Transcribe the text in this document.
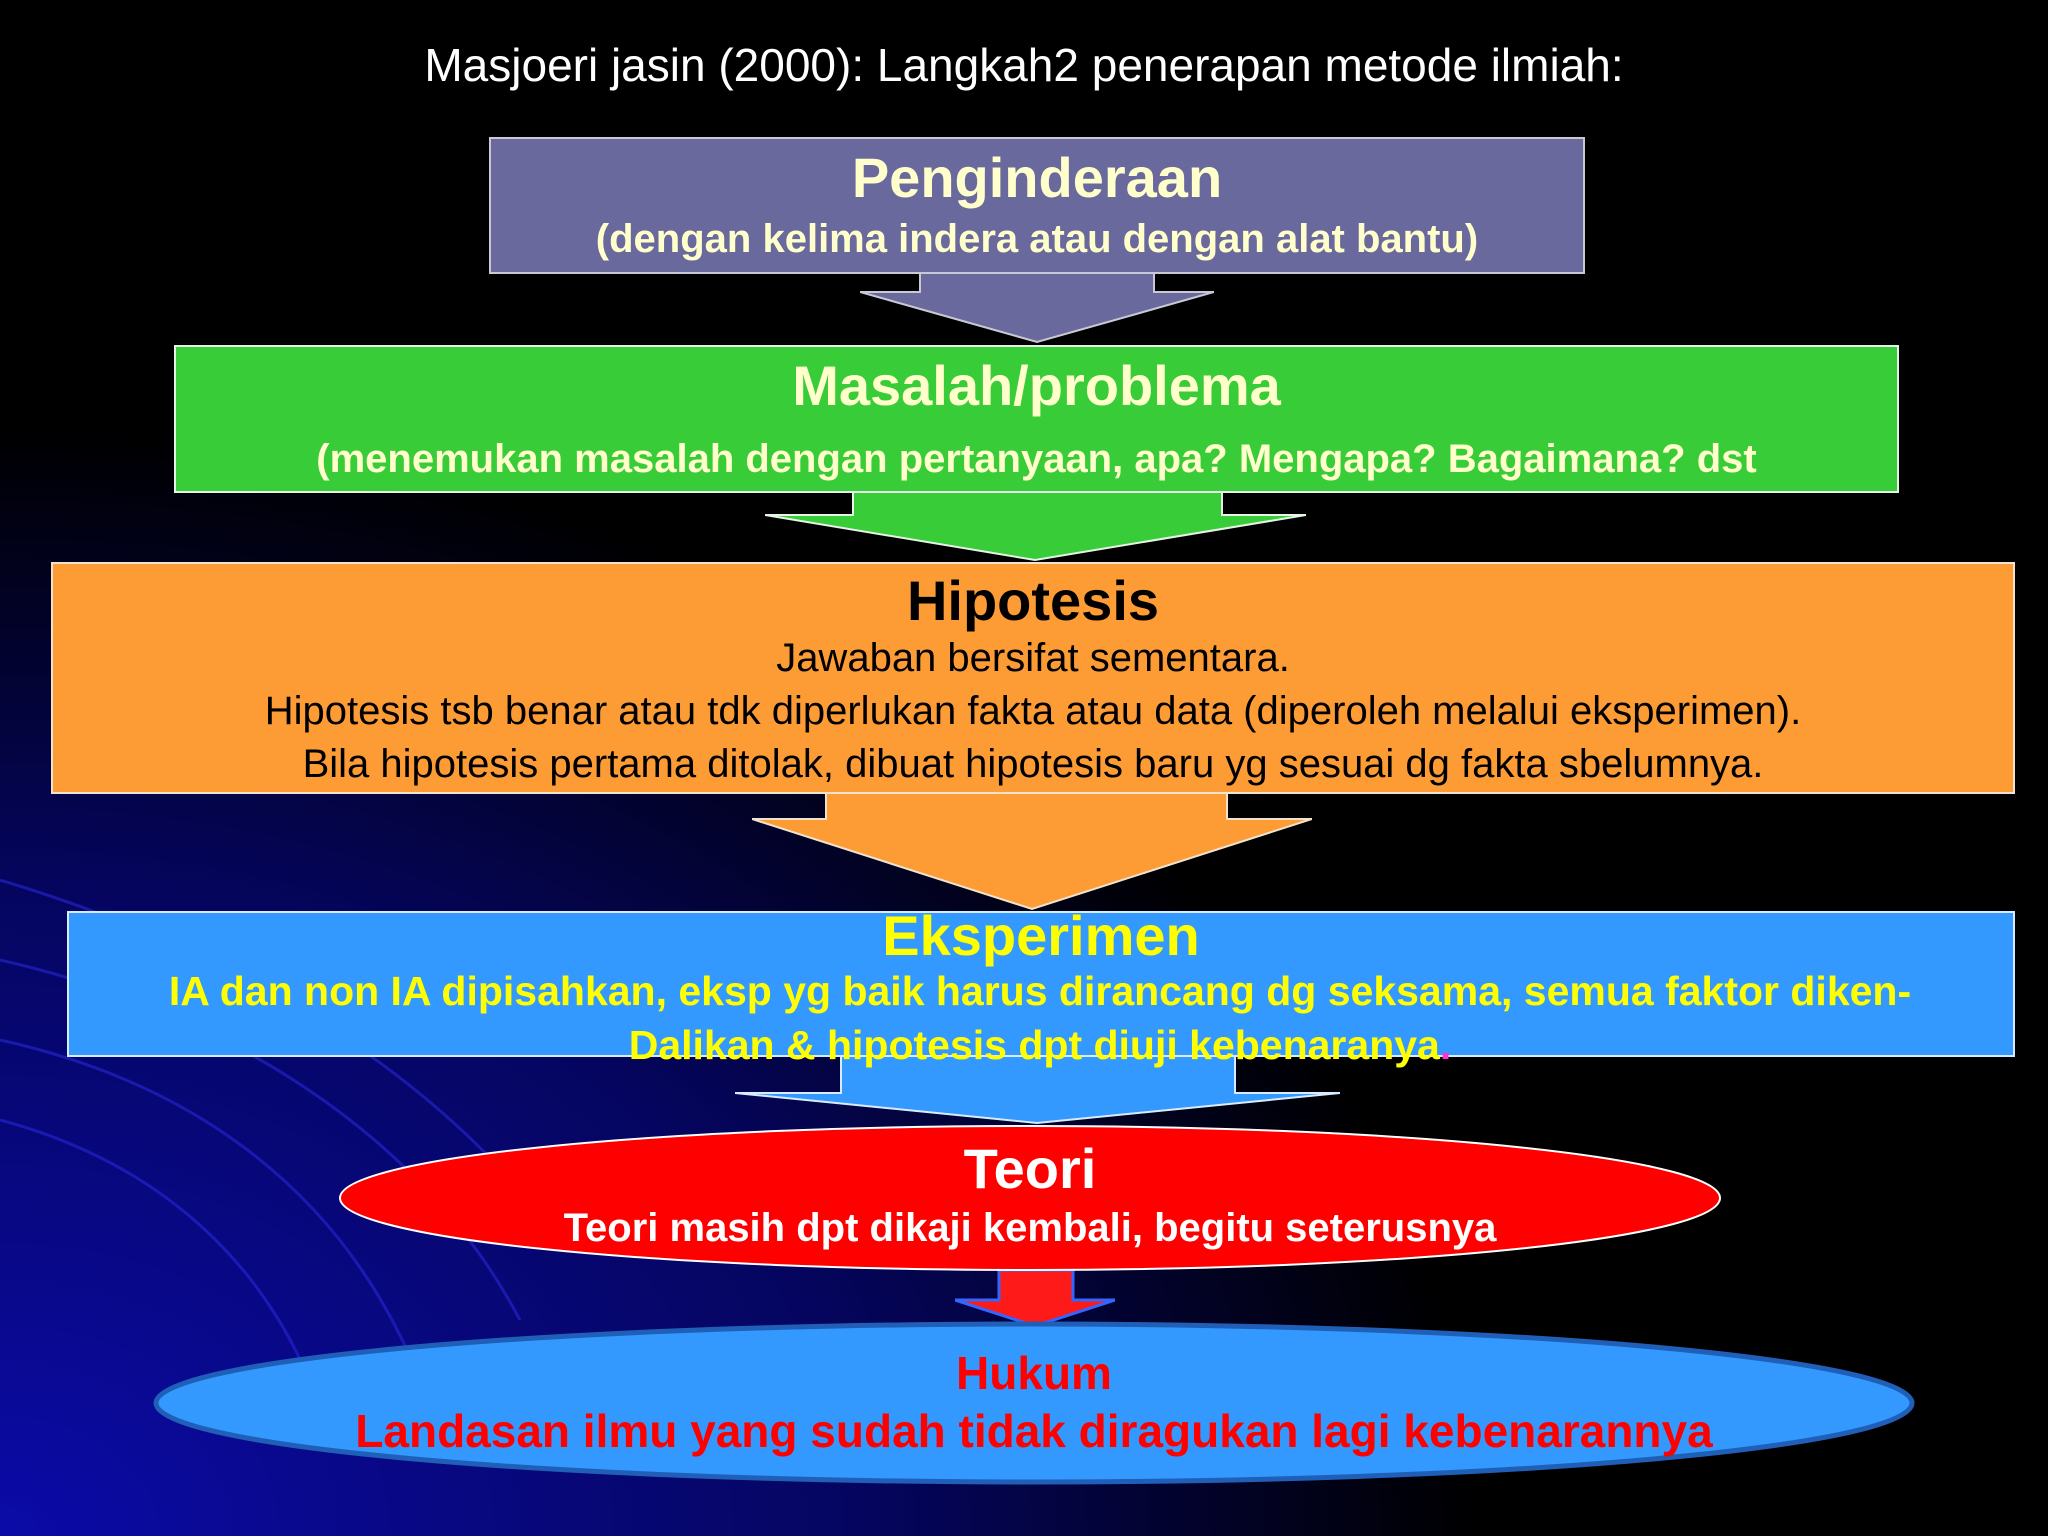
Masjoeri jasin (2000): Langkah2 penerapan metode ilmiah:
Penginderaan
(dengan kelima indera atau dengan alat bantu)
Masalah/problema
(menemukan masalah dengan pertanyaan, apa? Mengapa? Bagaimana? dst
Hipotesis
Jawaban bersifat sementara.
Hipotesis tsb benar atau tdk diperlukan fakta atau data (diperoleh melalui eksperimen).
Bila hipotesis pertama ditolak, dibuat hipotesis baru yg sesuai dg fakta sbelumnya.
Eksperimen
IA dan non IA dipisahkan, eksp yg baik harus dirancang dg seksama, semua faktor diken-
Dalikan & hipotesis dpt diuji kebenaranya.
Teori
Teori masih dpt dikaji kembali, begitu seterusnya
Hukum
Landasan ilmu yang sudah tidak diragukan lagi kebenarannya
